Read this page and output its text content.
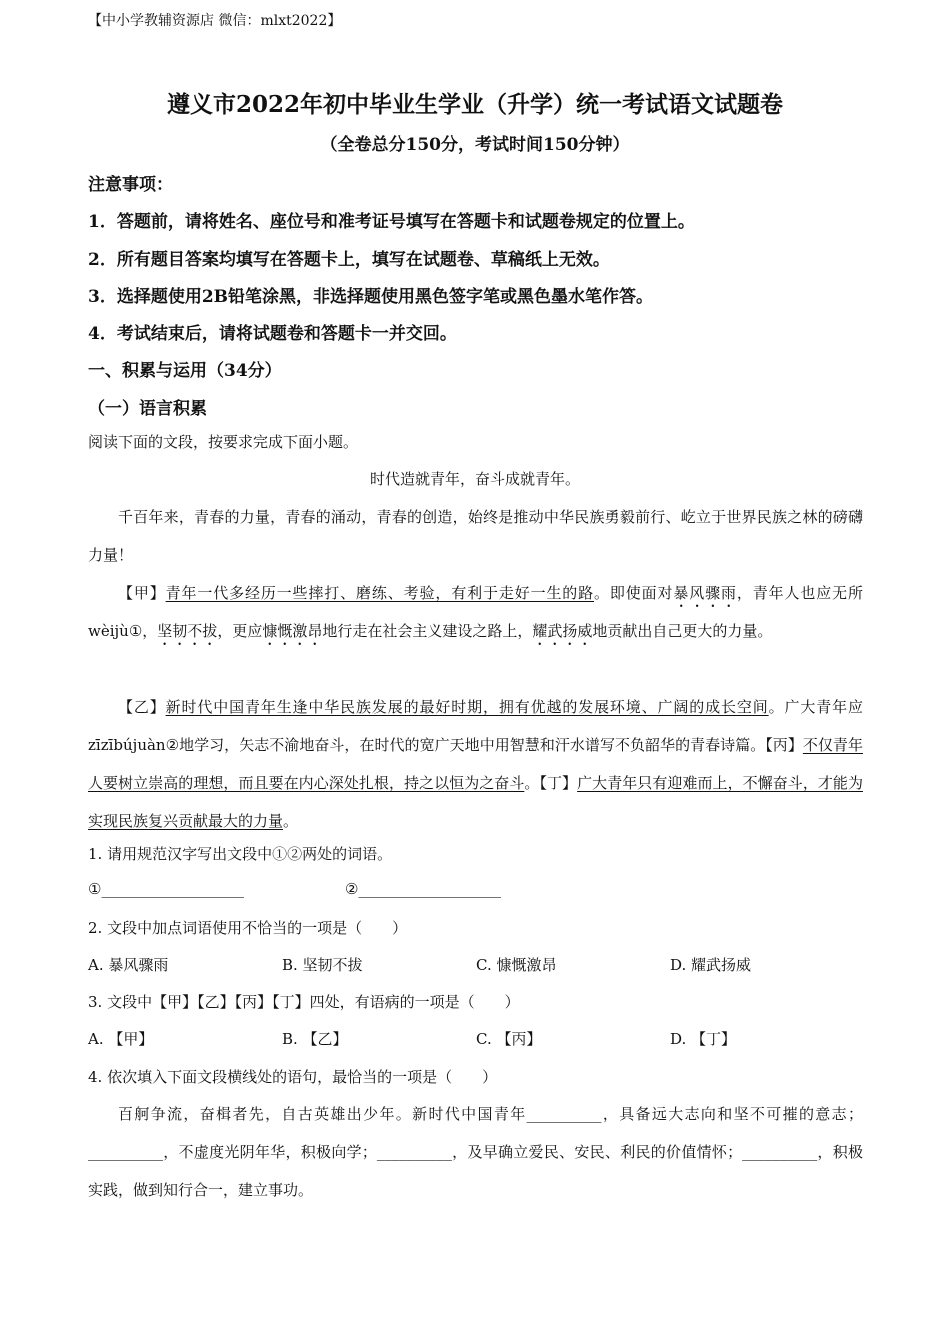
【中小学教辅资源店 微信：mlxt2022】
遵义市2022年初中毕业生学业（升学）统一考试语文试题卷
（全卷总分150分，考试时间150分钟）
注意事项：
1．答题前，请将姓名、座位号和准考证号填写在答题卡和试题卷规定的位置上。
2．所有题目答案均填写在答题卡上，填写在试题卷、草稿纸上无效。
3．选择题使用2B铅笔涂黑，非选择题使用黑色签字笔或黑色墨水笔作答。
4．考试结束后，请将试题卷和答题卡一并交回。
一、积累与运用（34分）
（一）语言积累
阅读下面的文段，按要求完成下面小题。
时代造就青年，奋斗成就青年。
千百年来，青春的力量，青春的涌动，青春的创造，始终是推动中华民族勇毅前行、屹立于世界民族之林的磅礴力量！
【甲】青年一代多经历一些摔打、磨练、考验，有利于走好一生的路。即使面对暴风骤雨，青年人也应无所wèijù①，坚韧不拔，更应慷慨激昂地行走在社会主义建设之路上，耀武扬威地贡献出自己更大的力量。
【乙】新时代中国青年生逢中华民族发展的最好时期，拥有优越的发展环境、广阔的成长空间。广大青年应zīzībújuàn②地学习，矢志不渝地奋斗，在时代的宽广天地中用智慧和汗水谱写不负韶华的青春诗篇。【丙】不仅青年人要树立崇高的理想，而且要在内心深处扎根，持之以恒为之奋斗。【丁】广大青年只有迎难而上，不懈奋斗，才能为实现民族复兴贡献最大的力量。
1. 请用规范汉字写出文段中①②两处的词语。
①___________________	②___________________
2. 文段中加点词语使用不恰当的一项是（　　）
A. 暴风骤雨	B. 坚韧不拔	C. 慷慨激昂	D. 耀武扬威
3. 文段中【甲】【乙】【丙】【丁】四处，有语病的一项是（　　）
A. 【甲】	B. 【乙】	C. 【丙】	D. 【丁】
4. 依次填入下面文段横线处的语句，最恰当的一项是（　　）
百舸争流，奋楫者先，自古英雄出少年。新时代中国青年__________，具备远大志向和坚不可摧的意志；__________，不虚度光阴年华，积极向学；__________，及早确立爱民、安民、利民的价值情怀；__________，积极实践，做到知行合一，建立事功。
